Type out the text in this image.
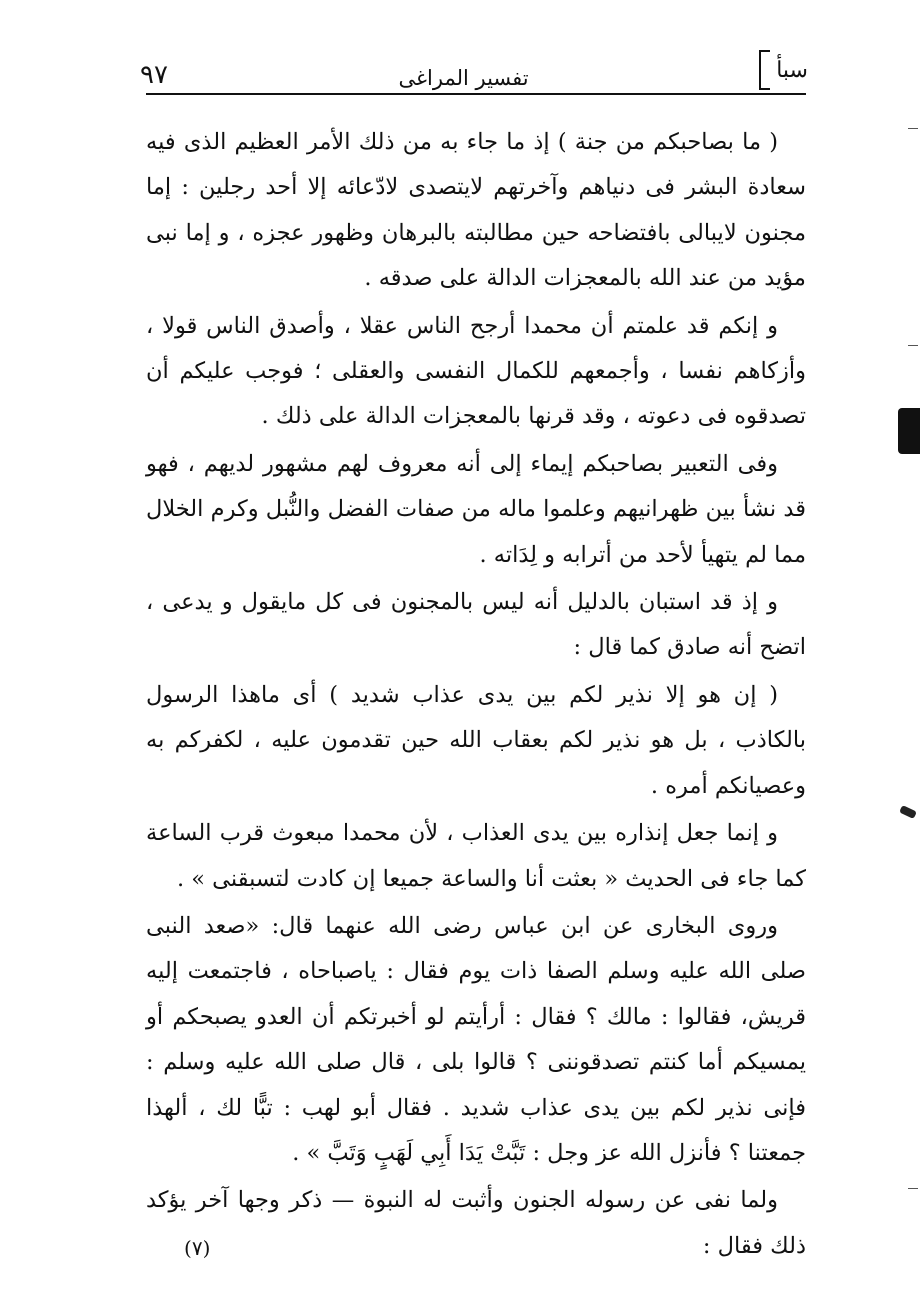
سبأ
تفسير المراغى
٩٧

( ما بصاحبكم من جنة ) إذ ما جاء به من ذلك الأمر العظيم الذى فيه سعادة البشر فى دنياهم وآخرتهم لايتصدى لادّعائه إلا أحد رجلين : إما مجنون لايبالى بافتضاحه حين مطالبته بالبرهان وظهور عجزه ، و إما نبى مؤيد من عند الله بالمعجزات الدالة على صدقه .

و إنكم قد علمتم أن محمدا أرجح الناس عقلا ، وأصدق الناس قولا ، وأزكاهم نفسا ، وأجمعهم للكمال النفسى والعقلى ؛ فوجب عليكم أن تصدقوه فى دعوته ، وقد قرنها بالمعجزات الدالة على ذلك .

وفى التعبير بصاحبكم إيماء إلى أنه معروف لهم مشهور لديهم ، فهو قد نشأ بين ظهرانيهم وعلموا ماله من صفات الفضل والنُّبل وكرم الخلال مما لم يتهيأ لأحد من أترابه و لِدَاته .

و إذ قد استبان بالدليل أنه ليس بالمجنون فى كل مايقول و يدعى ، اتضح أنه صادق كما قال :

( إن هو إلا نذير لكم بين يدى عذاب شديد ) أى ماهذا الرسول بالكاذب ، بل هو نذير لكم بعقاب الله حين تقدمون عليه ، لكفركم به وعصيانكم أمره .

و إنما جعل إنذاره بين يدى العذاب ، لأن محمدا مبعوث قرب الساعة كما جاء فى الحديث « بعثت أنا والساعة جميعا إن كادت لتسبقنى » .

وروى البخارى عن ابن عباس رضى الله عنهما قال: «صعد النبى صلى الله عليه وسلم الصفا ذات يوم فقال : ياصباحاه ، فاجتمعت إليه قريش، فقالوا : مالك ؟ فقال : أرأيتم لو أخبرتكم أن العدو يصبحكم أو يمسيكم أما كنتم تصدقوننى ؟ قالوا بلى ، قال صلى الله عليه وسلم : فإنى نذير لكم بين يدى عذاب شديد . فقال أبو لهب : تبًّا لك ، ألهذا جمعتنا ؟ فأنزل الله عز وجل : تَبَّتْ يَدَا أَبِي لَهَبٍ وَتَبَّ » .

ولما نفى عن رسوله الجنون وأثبت له النبوة — ذكر وجها آخر يؤكد ذلك فقال :

(٧)
